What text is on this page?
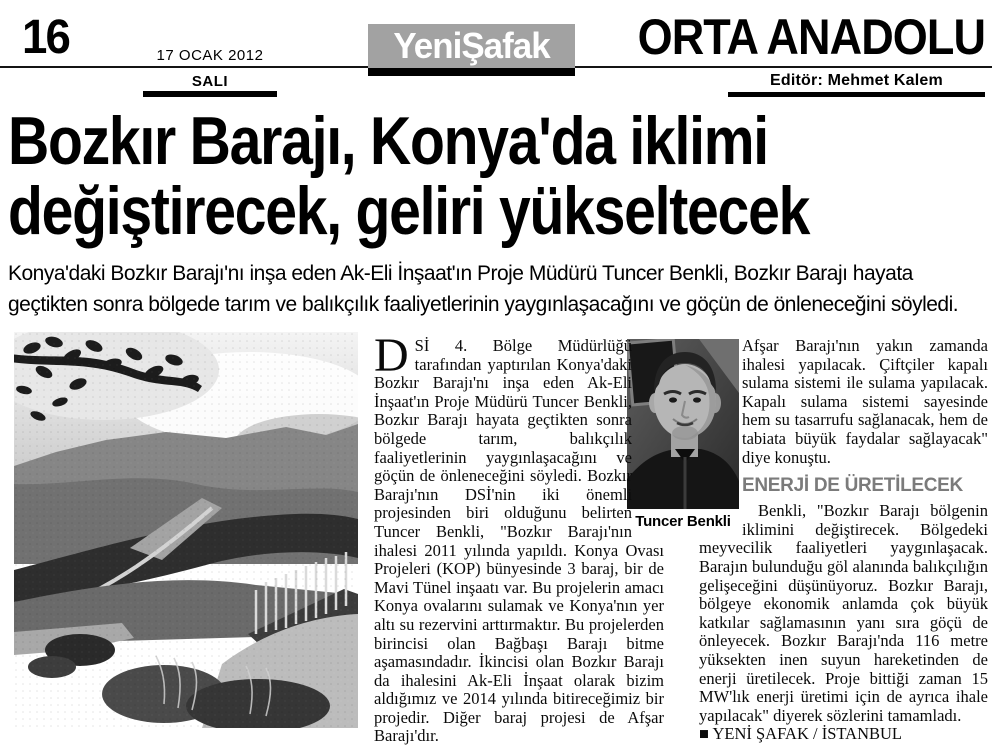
16	17 OCAK 2012
SALI
YeniŞafak ORTA ANADOLU
Editör: Mehmet Kalem
Bozkır Barajı, Konya'da iklimi
değiştirecek, geliri yükseltecek
Konya'daki Bozkır Barajı'nı inşa eden Ak-Eli İnşaat'ın Proje Müdürü Tuncer Benkli, Bozkır Barajı hayata geçtikten sonra bölgede tarım ve balıkçılık faaliyetlerinin yaygınlaşacağını ve göçün de önleneceğini söyledi.
Tuncer Benkli

DSİ 4. Bölge Müdürlüğü tarafından yaptırılan Konya'daki Bozkır Barajı'nı inşa eden Ak-Eli İnşaat'ın Proje Müdürü Tuncer Benkli, Bozkır Barajı hayata geçtikten sonra bölgede tarım, balıkçılık faaliyetlerinin yaygınlaşacağını ve göçün de önleneceğini söyledi. Bozkır Barajı'nın DSİ'nin iki önemli projesinden biri olduğunu belirten Tuncer Benkli, "Bozkır Barajı'nın ihalesi 2011 yılında yapıldı. Konya Ovası Projeleri (KOP) bünyesinde 3 baraj, bir de Mavi Tünel inşaatı var. Bu projelerin amacı Konya ovalarını sulamak ve Konya'nın yer altı su rezervini arttırmaktır. Bu projelerden birincisi olan Bağbaşı Barajı bitme aşamasındadır. İkincisi olan Bozkır Barajı da ihalesini Ak-Eli İnşaat olarak bizim aldığımız ve 2014 yılında bitireceğimiz bir projedir. Diğer baraj projesi de Afşar Barajı'dır.

Afşar Barajı'nın yakın zamanda ihalesi yapılacak. Çiftçiler kapalı sulama sistemi ile sulama yapılacak. Kapalı sulama sistemi sayesinde hem su tasarrufu sağlanacak, hem de tabiata büyük faydalar sağlayacak" diye konuştu.

ENERJİ DE ÜRETİLECEK

Benkli, "Bozkır Barajı bölgenin iklimini değiştirecek. Bölgedeki meyvecilik faaliyetleri yaygınlaşacak. Barajın bulunduğu göl alanında balıkçılığın gelişeceğini düşünüyoruz. Bozkır Barajı, bölgeye ekonomik anlamda çok büyük katkılar sağlamasının yanı sıra göçü de önleyecek. Bozkır Barajı'nda 116 metre yüksekten inen suyun hareketinden de enerji üretilecek. Proje bittiği zaman 15 MW'lık enerji üretimi için de ayrıca ihale yapılacak" diyerek sözlerini tamamladı.

■ YENİ ŞAFAK / İSTANBUL
